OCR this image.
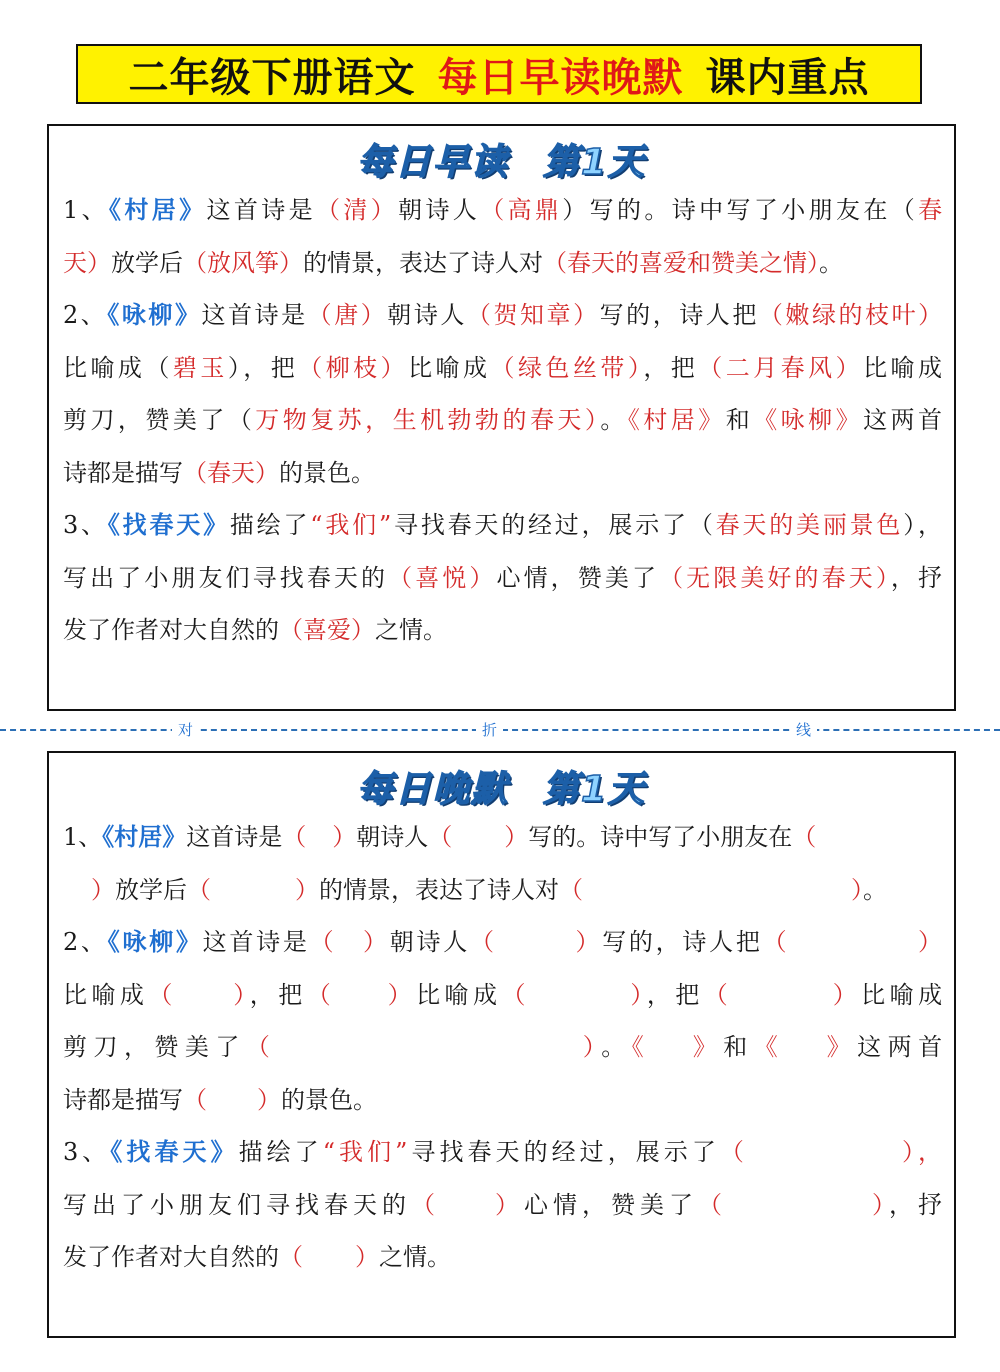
二年级下册语文 每日早读晚默 课内重点
每日早读 第1天
1、《村居》这首诗是（清）朝诗人（高鼎）写的。诗中写了小朋友在（春
天）放学后（放风筝）的情景，表达了诗人对（春天的喜爱和赞美之情）。
2、《咏柳》这首诗是（唐）朝诗人（贺知章）写的，诗人把（嫩绿的枝叶）
比喻成（碧玉），把（柳枝）比喻成（绿色丝带），把（二月春风）比喻成
剪刀，赞美了（万物复苏，生机勃勃的春天）。《村居》和《咏柳》这两首
诗都是描写（春天）的景色。
3、《找春天》描绘了“我们”寻找春天的经过，展示了（春天的美丽景色），
写出了小朋友们寻找春天的（喜悦）心情，赞美了（无限美好的春天），抒
发了作者对大自然的（喜爱）之情。
对	折	线
每日晚默 第1天
1、《村居》这首诗是（ ）朝诗人（ ）写的。诗中写了小朋友在（
）放学后（	）的情景，表达了诗人对（	）。
2、《咏柳》这首诗是（ ）朝诗人（	）写的，诗人把（	）
比喻成（ ），把（ ）比喻成（	），把（	）比喻成
剪刀，赞美了（	）。《 》和《 》这两首
诗都是描写（ ）的景色。
3、《找春天》描绘了“我们”寻找春天的经过，展示了（	），
写出了小朋友们寻找春天的（ ）心情，赞美了（	），抒
发了作者对大自然的（ ）之情。
